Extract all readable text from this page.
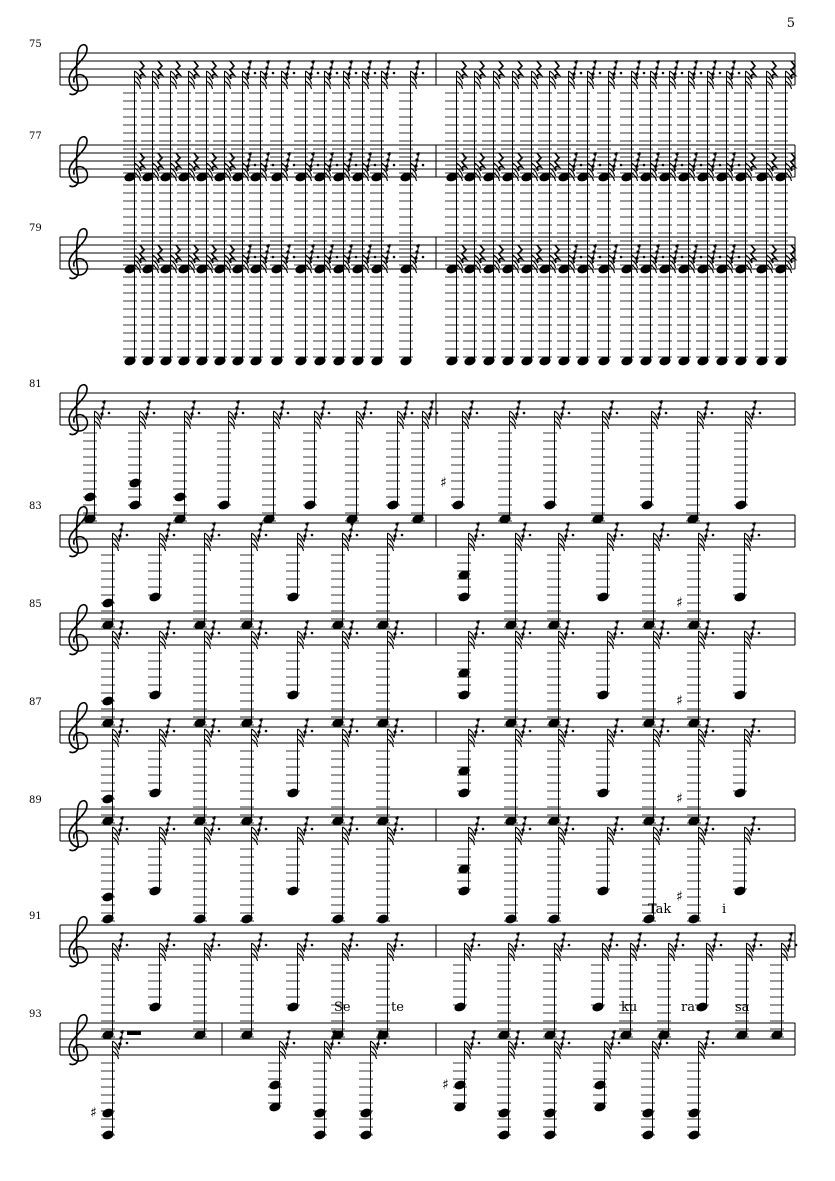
5
75
77
79
81
♯
83
♯
85
♯
87
♯
89
♯
91	Tak	i
93
♯
♯
Se	te	ku	ra	sa
